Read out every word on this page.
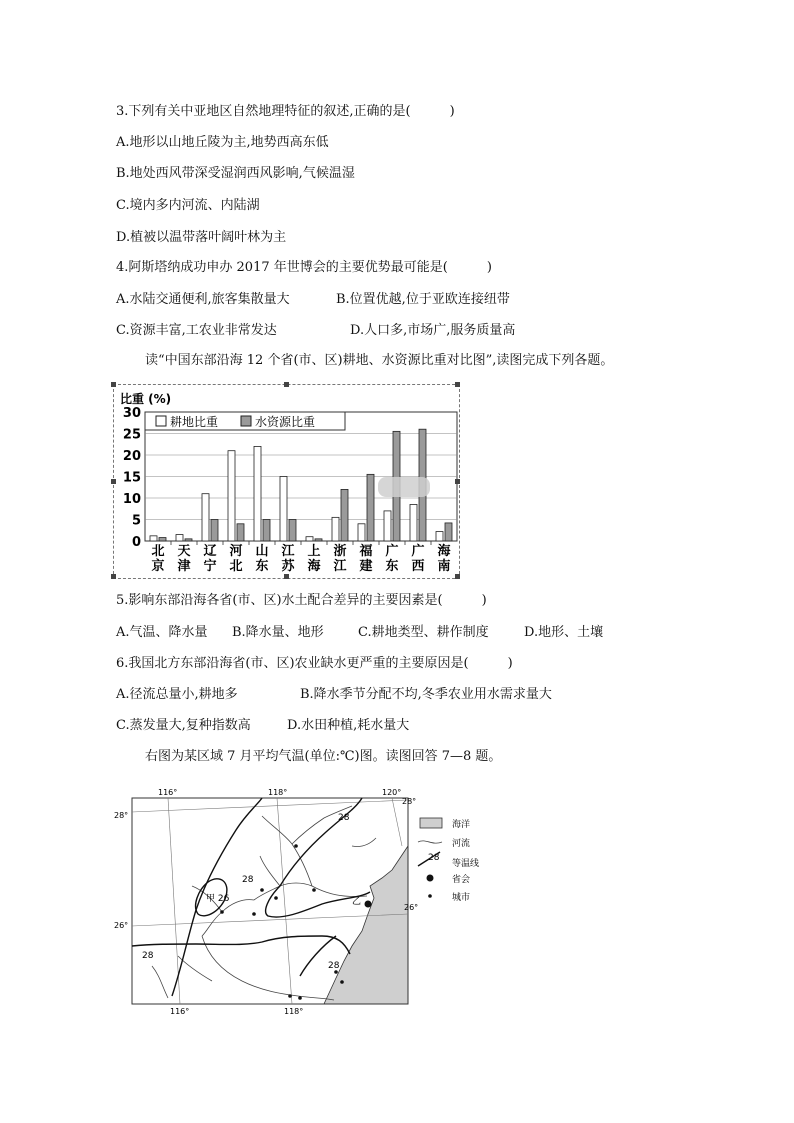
3.下列有关中亚地区自然地理特征的叙述,正确的是(　　　)
A.地形以山地丘陵为主,地势西高东低
B.地处西风带深受湿润西风影响,气候温湿
C.境内多内河流、内陆湖
D.植被以温带落叶阔叶林为主
4.阿斯塔纳成功申办 2017 年世博会的主要优势最可能是(　　　)
A.水陆交通便利,旅客集散量大	B.位置优越,位于亚欧连接纽带
C.资源丰富,工农业非常发达	D.人口多,市场广,服务质量高
读“中国东部沿海 12 个省(市、区)耕地、水资源比重对比图”,读图完成下列各题。
比重 (%)
0
5
10
15
20
25
30
北
京
天
津
辽
宁
河
北
山
东
江
苏
上
海
浙
江
福
建
广
东
广
西
海
南
耕地比重	水资源比重
5.影响东部沿海各省(市、区)水土配合差异的主要因素是(　　　)
A.气温、降水量 B.降水量、地形	C.耕地类型、耕作制度	D.地形、土壤
6.我国北方东部沿海省(市、区)农业缺水更严重的主要原因是(　　　)
A.径流总量小,耕地多	B.降水季节分配不均,冬季农业用水需求量大
C.蒸发量大,复种指数高	D.水田种植,耗水量大
右图为某区域 7 月平均气温(单位:℃)图。读图回答 7—8 题。
116°	118°	120°
116°	118°
28°
26°
28°
26°
28
28
28
28
甲 26	乙
海洋
河流
28
等温线
省会
城市
